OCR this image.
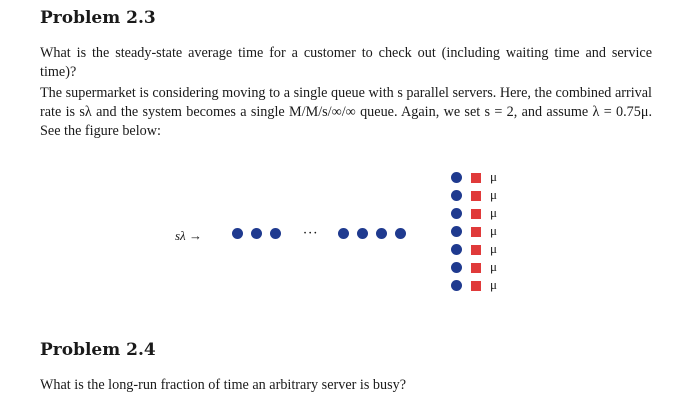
Problem 2.3
What is the steady-state average time for a customer to check out (including waiting time and service time)?
The supermarket is considering moving to a single queue with s parallel servers. Here, the combined arrival rate is sλ and the system becomes a single M/M/s/∞/∞ queue. Again, we set s = 2, and assume λ = 0.75μ. See the figure below:
sλ →	···
μ
μ
μ
μ
μ
μ
μ
Problem 2.4
What is the long-run fraction of time an arbitrary server is busy?
